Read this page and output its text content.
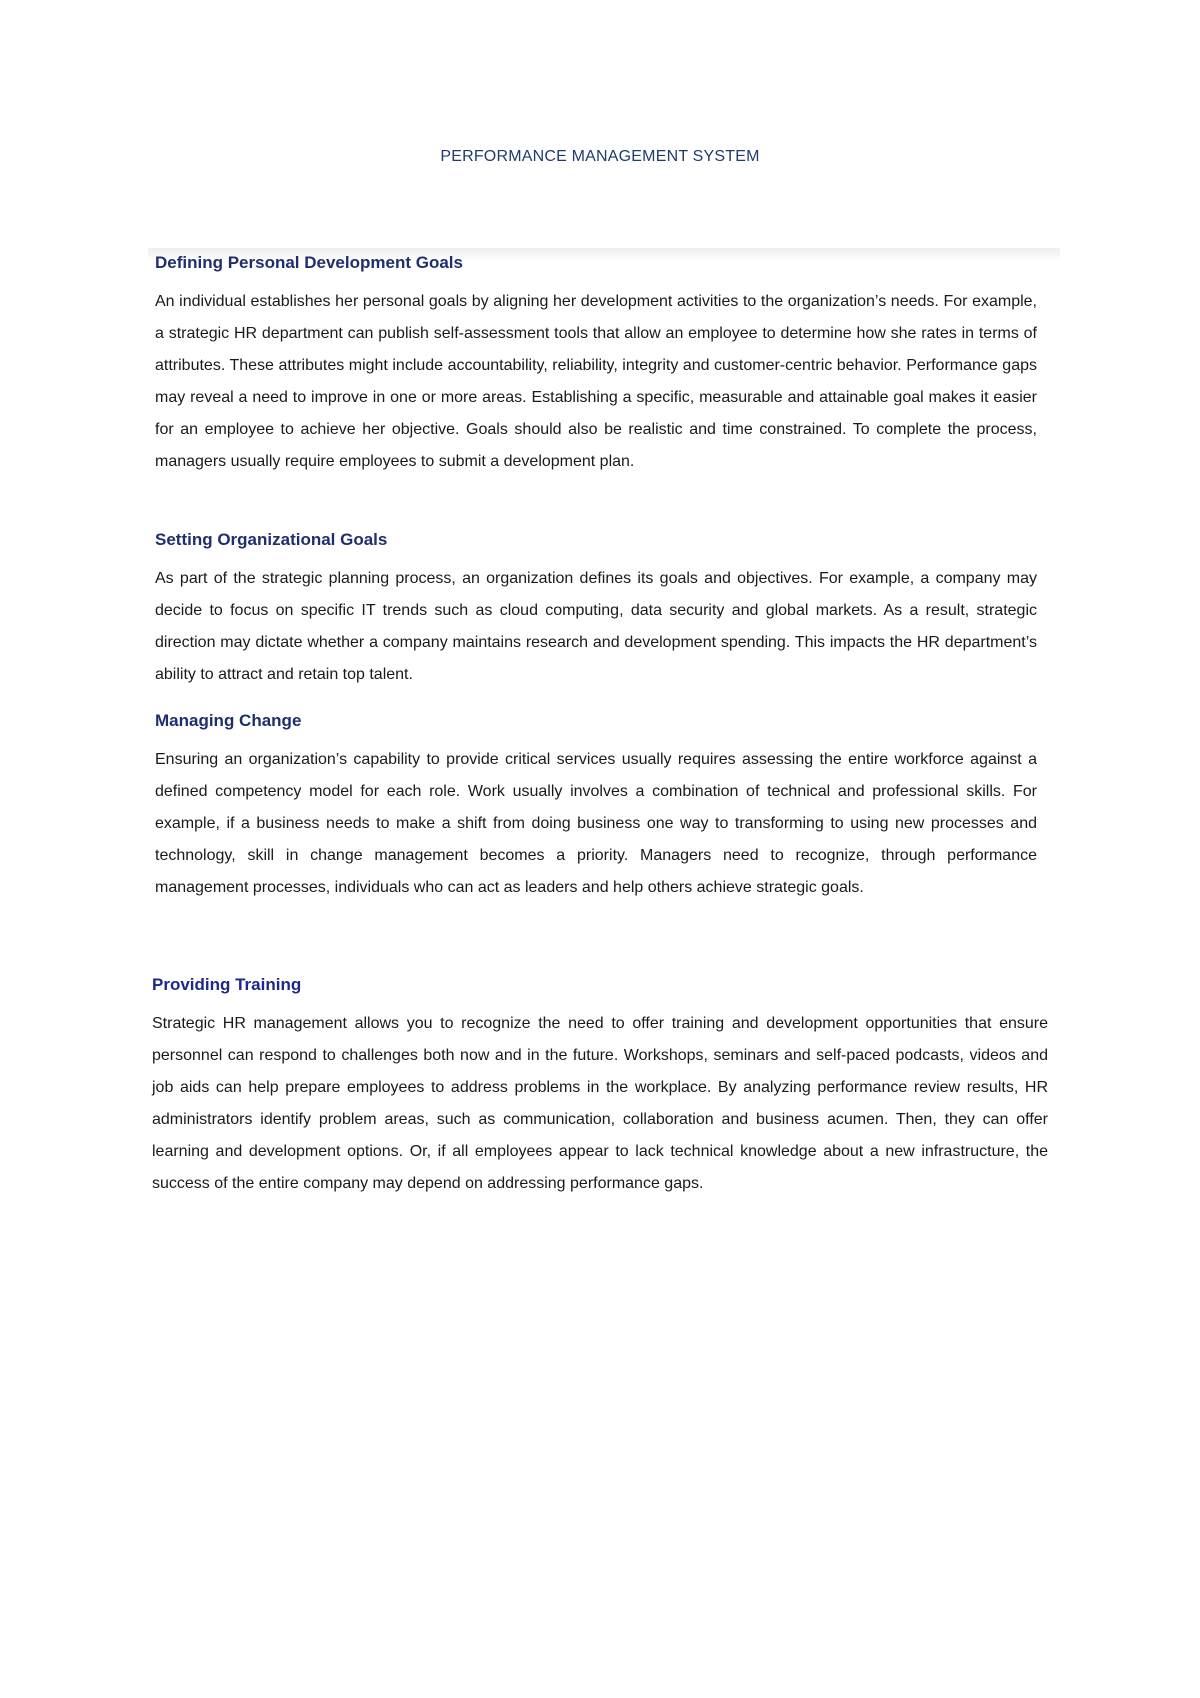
PERFORMANCE MANAGEMENT SYSTEM
Defining Personal Development Goals

An individual establishes her personal goals by aligning her development activities to the organization’s needs. For example, a strategic HR department can publish self-assessment tools that allow an employee to determine how she rates in terms of attributes. These attributes might include accountability, reliability, integrity and customer-centric behavior. Performance gaps may reveal a need to improve in one or more areas. Establishing a specific, measurable and attainable goal makes it easier for an employee to achieve her objective. Goals should also be realistic and time constrained. To complete the process, managers usually require employees to submit a development plan.

Setting Organizational Goals

As part of the strategic planning process, an organization defines its goals and objectives. For example, a company may decide to focus on specific IT trends such as cloud computing, data security and global markets. As a result, strategic direction may dictate whether a company maintains research and development spending. This impacts the HR department’s ability to attract and retain top talent.

Managing Change

Ensuring an organization’s capability to provide critical services usually requires assessing the entire workforce against a defined competency model for each role. Work usually involves a combination of technical and professional skills. For example, if a business needs to make a shift from doing business one way to transforming to using new processes and technology, skill in change management becomes a priority. Managers need to recognize, through performance management processes, individuals who can act as leaders and help others achieve strategic goals.

Providing Training

Strategic HR management allows you to recognize the need to offer training and development opportunities that ensure personnel can respond to challenges both now and in the future. Workshops, seminars and self-paced podcasts, videos and job aids can help prepare employees to address problems in the workplace. By analyzing performance review results, HR administrators identify problem areas, such as communication, collaboration and business acumen. Then, they can offer learning and development options. Or, if all employees appear to lack technical knowledge about a new infrastructure, the success of the entire company may depend on addressing performance gaps.
